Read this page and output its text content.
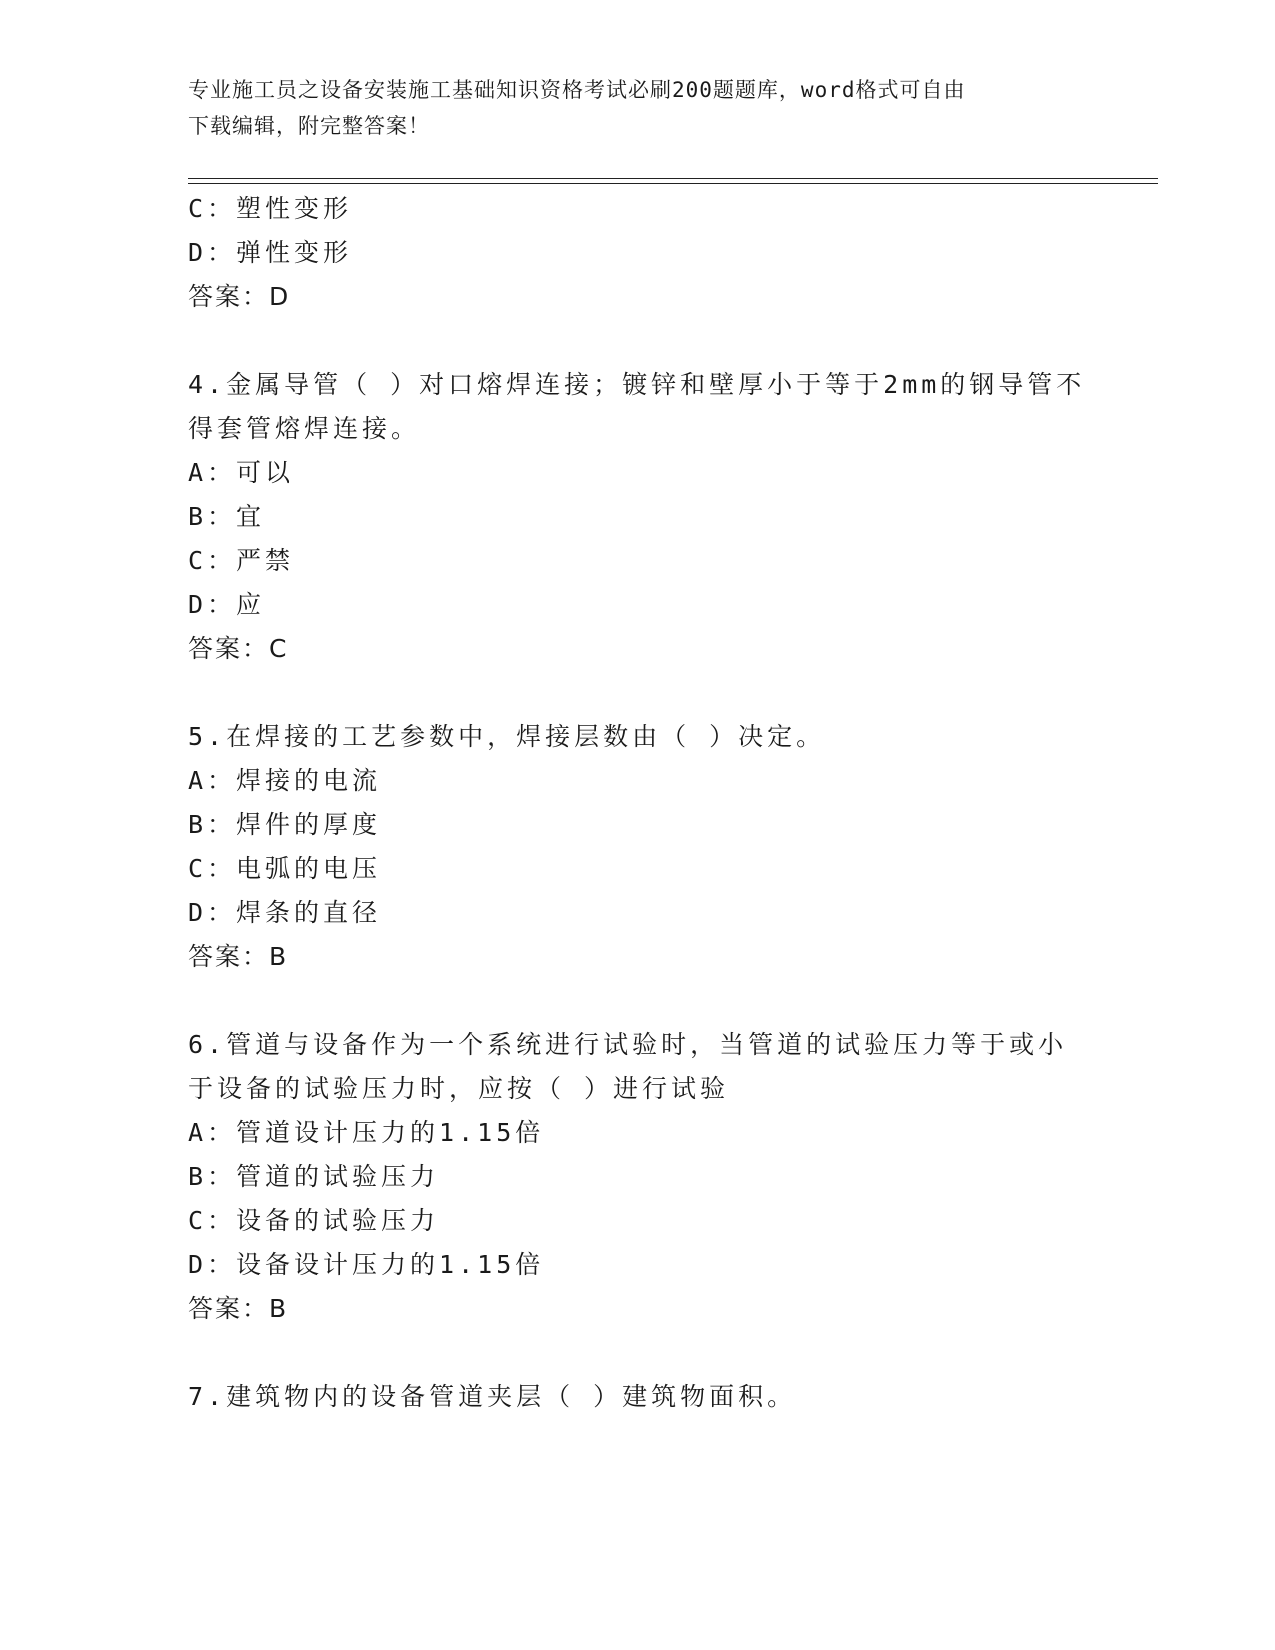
专业施工员之设备安装施工基础知识资格考试必刷200题题库，word格式可自由
下载编辑，附完整答案！
C：塑性变形
D：弹性变形
答案：D
4.金属导管（ ）对口熔焊连接；镀锌和壁厚小于等于2mm的钢导管不
得套管熔焊连接。
A：可以
B：宜
C：严禁
D：应
答案：C
5.在焊接的工艺参数中，焊接层数由（ ）决定。
A：焊接的电流
B：焊件的厚度
C：电弧的电压
D：焊条的直径
答案：B
6.管道与设备作为一个系统进行试验时，当管道的试验压力等于或小
于设备的试验压力时，应按（ ）进行试验
A：管道设计压力的1.15倍
B：管道的试验压力
C：设备的试验压力
D：设备设计压力的1.15倍
答案：B
7.建筑物内的设备管道夹层（ ）建筑物面积。
